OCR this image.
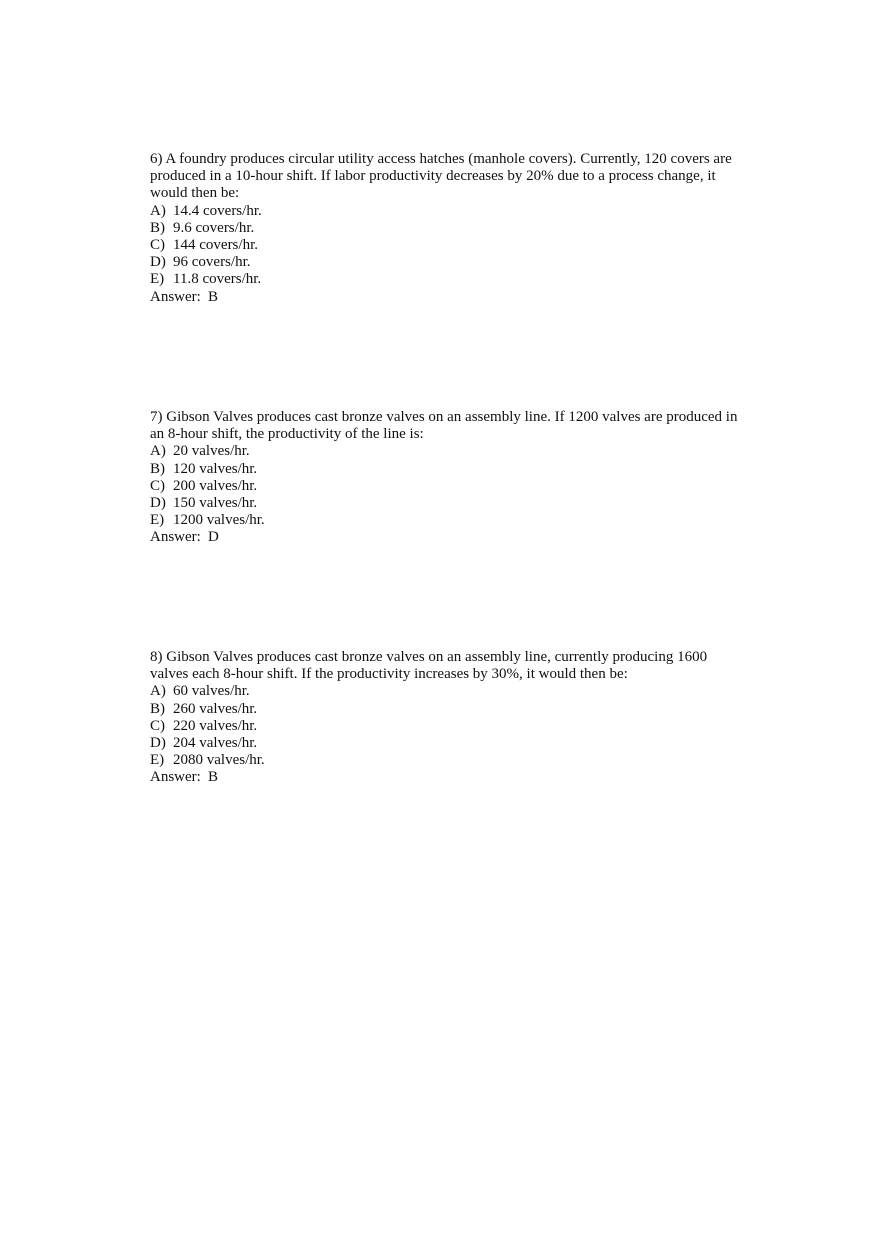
6) A foundry produces circular utility access hatches (manhole covers). Currently, 120 covers are produced in a 10-hour shift. If labor productivity decreases by 20% due to a process change, it would then be:

A) 14.4 covers/hr.

B) 9.6 covers/hr.

C) 144 covers/hr.

D) 96 covers/hr.

E) 11.8 covers/hr.

Answer: B

7) Gibson Valves produces cast bronze valves on an assembly line. If 1200 valves are produced in an 8-hour shift, the productivity of the line is:

A) 20 valves/hr.

B) 120 valves/hr.

C) 200 valves/hr.

D) 150 valves/hr.

E) 1200 valves/hr.

Answer: D

8) Gibson Valves produces cast bronze valves on an assembly line, currently producing 1600 valves each 8-hour shift. If the productivity increases by 30%, it would then be:

A) 60 valves/hr.

B) 260 valves/hr.

C) 220 valves/hr.

D) 204 valves/hr.

E) 2080 valves/hr.

Answer: B
